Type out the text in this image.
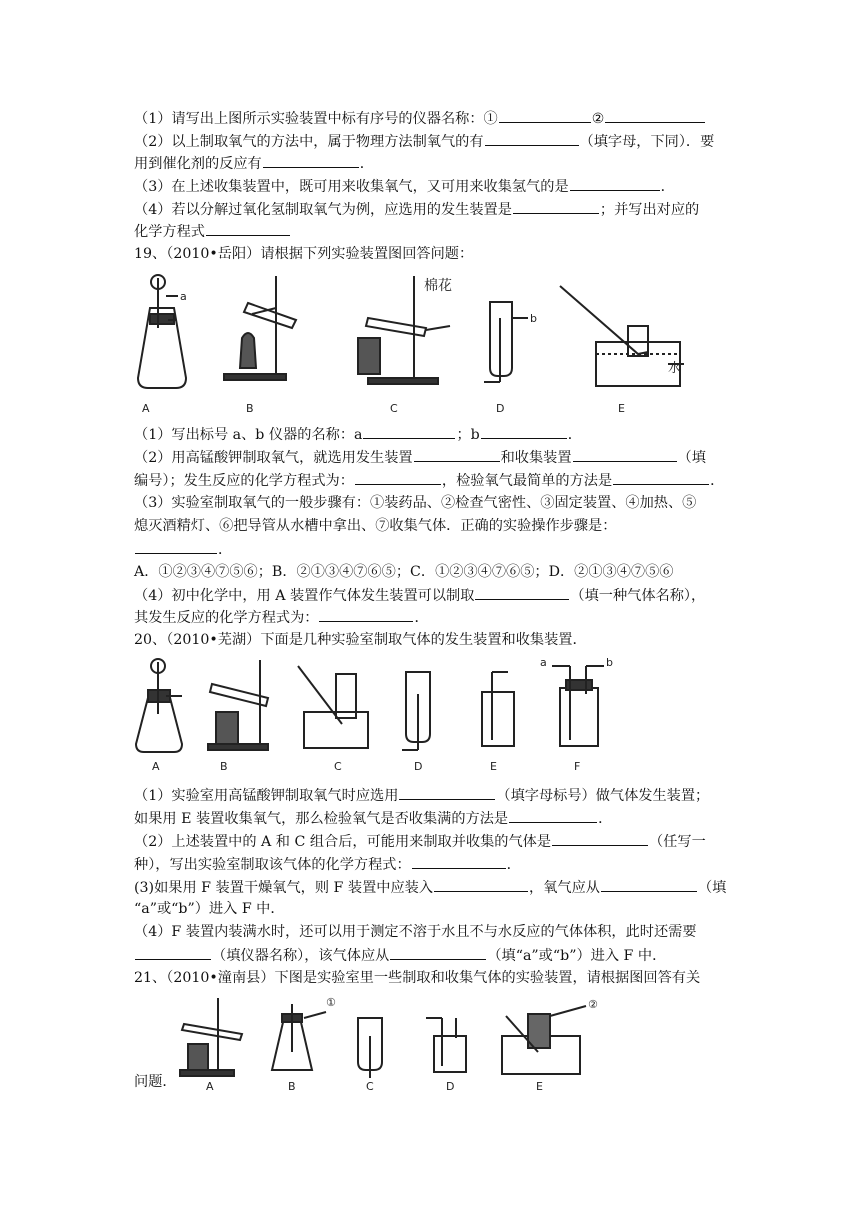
（1）请写出上图所示实验装置中标有序号的仪器名称：①	②
（2）以上制取氧气的方法中，属于物理方法制氧气的有	（填字母，下同）．要
用到催化剂的反应有	．
（3）在上述收集装置中，既可用来收集氧气，又可用来收集氢气的是	．
（4）若以分解过氧化氢制取氧气为例，应选用的发生装置是	；并写出对应的
化学方程式
19、（2010•岳阳）请根据下列实验装置图回答问题：
a
b
棉花
水
A	B	C	D	E
（1）写出标号 a、b 仪器的名称：a	；b	．
（2）用高锰酸钾制取氧气，就选用发生装置	和收集装置	（填
编号）；发生反应的化学方程式为：	，检验氧气最简单的方法是	．
（3）实验室制取氧气的一般步骤有：①装药品、②检查气密性、③固定装置、④加热、⑤
熄灭酒精灯、⑥把导管从水槽中拿出、⑦收集气体．正确的实验操作步骤是：
．
A．①②③④⑦⑤⑥；B．②①③④⑦⑥⑤；C．①②③④⑦⑥⑤；D．②①③④⑦⑤⑥
（4）初中化学中，用 A 装置作气体发生装置可以制取	（填一种气体名称），
其发生反应的化学方程式为：	．
20、（2010•芜湖）下面是几种实验室制取气体的发生装置和收集装置．
a	b
A	B	C	D	E	F
（1）实验室用高锰酸钾制取氧气时应选用	（填字母标号）做气体发生装置；
如果用 E 装置收集氧气，那么检验氧气是否收集满的方法是	．
（2）上述装置中的 A 和 C 组合后，可能用来制取并收集的气体是	（任写一
种），写出实验室制取该气体的化学方程式：	．
(3)如果用 F 装置干燥氧气，则 F 装置中应装入	，氧气应从	（填
“a”或“b”）进入 F 中．
（4）F 装置内装满水时，还可以用于测定不溶于水且不与水反应的气体体积，此时还需要
（填仪器名称），该气体应从	（填“a”或“b”）进入 F 中．
21、（2010•潼南县）下图是实验室里一些制取和收集气体的实验装置，请根据图回答有关
①	②
A	B	C	D	E
问题．
